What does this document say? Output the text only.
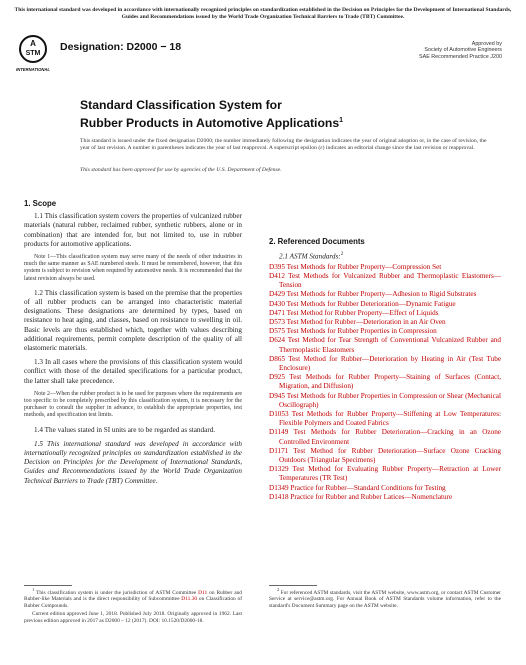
This international standard was developed in accordance with internationally recognized principles on standardization established in the Decision on Principles for the Development of International Standards, Guides and Recommendations issued by the World Trade Organization Technical Barriers to Trade (TBT) Committee.
A
STM
INTERNATIONAL
Designation: D2000 − 18	Approved by
Society of Automotive Engineers
SAE Recommended Practice J200
Standard Classification System for
Rubber Products in Automotive Applications$^1$
This standard is issued under the fixed designation D2000; the number immediately following the designation indicates the year of original adoption or, in the case of revision, the year of last revision. A number in parentheses indicates the year of last reapproval. A superscript epsilon (ε) indicates an editorial change since the last revision or reapproval.
This standard has been approved for use by agencies of the U.S. Department of Defense.
1. Scope

1.1 This classification system covers the properties of vulcanized rubber materials (natural rubber, reclaimed rubber, synthetic rubbers, alone or in combination) that are intended for, but not limited to, use in rubber products for automotive applications.

Note 1—This classification system may serve many of the needs of other industries in much the same manner as SAE numbered steels. It must be remembered, however, that this system is subject to revision when required by automotive needs. It is recommended that the latest revision always be used.

1.2 This classification system is based on the premise that the properties of all rubber products can be arranged into characteristic material designations. These designations are determined by types, based on resistance to heat aging, and classes, based on resistance to swelling in oil. Basic levels are thus established which, together with values describing additional requirements, permit complete description of the quality of all elastomeric materials.

1.3 In all cases where the provisions of this classification system would conflict with those of the detailed specifications for a particular product, the latter shall take precedence.

Note 2—When the rubber product is to be used for purposes where the requirements are too specific to be completely prescribed by this classification system, it is necessary for the purchaser to consult the supplier in advance, to establish the appropriate properties, test methods, and specification test limits.

1.4 The values stated in SI units are to be regarded as standard.

1.5 This international standard was developed in accordance with internationally recognized principles on standardization established in the Decision on Principles for the Development of International Standards, Guides and Recommendations issued by the World Trade Organization Technical Barriers to Trade (TBT) Committee.

2. Referenced Documents

2.1 ASTM Standards:$^2$

D395 Test Methods for Rubber Property—Compression Set

D412 Test Methods for Vulcanized Rubber and Thermoplastic Elastomers—Tension

D429 Test Methods for Rubber Property—Adhesion to Rigid Substrates

D430 Test Methods for Rubber Deterioration—Dynamic Fatigue

D471 Test Method for Rubber Property—Effect of Liquids

D573 Test Method for Rubber—Deterioration in an Air Oven

D575 Test Methods for Rubber Properties in Compression

D624 Test Method for Tear Strength of Conventional Vulcanized Rubber and Thermoplastic Elastomers

D865 Test Method for Rubber—Deterioration by Heating in Air (Test Tube Enclosure)

D925 Test Methods for Rubber Property—Staining of Surfaces (Contact, Migration, and Diffusion)

D945 Test Methods for Rubber Properties in Compression or Shear (Mechanical Oscillograph)

D1053 Test Methods for Rubber Property—Stiffening at Low Temperatures: Flexible Polymers and Coated Fabrics

D1149 Test Methods for Rubber Deterioration—Cracking in an Ozone Controlled Environment

D1171 Test Method for Rubber Deterioration—Surface Ozone Cracking Outdoors (Triangular Specimens)

D1329 Test Method for Evaluating Rubber Property—Retraction at Lower Temperatures (TR Test)

D1349 Practice for Rubber—Standard Conditions for Testing

D1418 Practice for Rubber and Rubber Latices—Nomenclature

$^1$ This classification system is under the jurisdiction of ASTM Committee D11 on Rubber and Rubber-like Materials and is the direct responsibility of Subcommittee D11.30 on Classification of Rubber Compounds.

Current edition approved June 1, 2018. Published July 2018. Originally approved in 1962. Last previous edition approved in 2017 as D2000 – 12 (2017). DOI: 10.1520/D2000-18.

$^2$ For referenced ASTM standards, visit the ASTM website, www.astm.org, or contact ASTM Customer Service at service@astm.org. For Annual Book of ASTM Standards volume information, refer to the standard's Document Summary page on the ASTM website.
